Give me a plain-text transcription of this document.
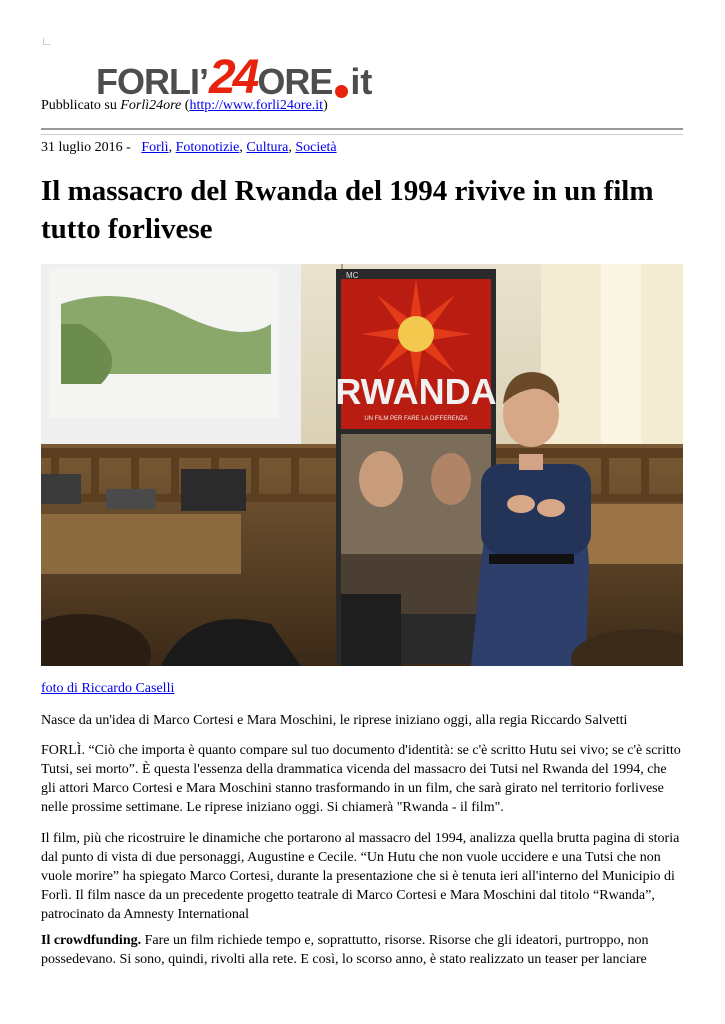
FORLI’ 24 ORE it
Pubblicato su Forlì24ore (http://www.forli24ore.it)
31 luglio 2016 -   Forlì, Fotonotizie, Cultura, Società
Il massacro del Rwanda del 1994 rivive in un film tutto forlivese
RWANDA
UN FILM PER FARE LA DIFFERENZA
MC
foto di Riccardo Caselli

Nasce da un'idea di Marco Cortesi e Mara Moschini, le riprese iniziano oggi, alla regia Riccardo Salvetti

FORLÌ. “Ciò che importa è quanto compare sul tuo documento d'identità: se c'è scritto Hutu sei vivo; se c'è scritto Tutsi, sei morto”. È questa l'essenza della drammatica vicenda del massacro dei Tutsi nel Rwanda del 1994, che gli attori Marco Cortesi e Mara Moschini stanno trasformando in un film, che sarà girato nel territorio forlivese nelle prossime settimane. Le riprese iniziano oggi. Si chiamerà "Rwanda - il film".

Il film, più che ricostruire le dinamiche che portarono al massacro del 1994, analizza quella brutta pagina di storia dal punto di vista di due personaggi, Augustine e Cecile. “Un Hutu che non vuole uccidere e una Tutsi che non vuole morire” ha spiegato Marco Cortesi, durante la presentazione che si è tenuta ieri all'interno del Municipio di Forlì. Il film nasce da un precedente progetto teatrale di Marco Cortesi e Mara Moschini dal titolo “Rwanda”, patrocinato da Amnesty International

Il crowdfunding. Fare un film richiede tempo e, soprattutto, risorse. Risorse che gli ideatori, purtroppo, non possedevano. Si sono, quindi, rivolti alla rete. E così, lo scorso anno, è stato realizzato un teaser per lanciare
